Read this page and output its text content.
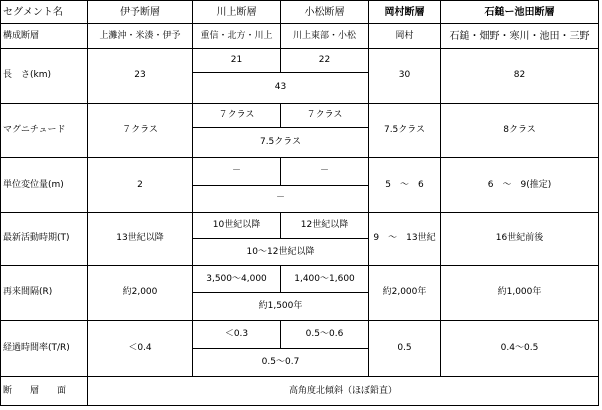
セグメント名	伊予断層	川上断層	小松断層	岡村断層	石鎚ー池田断層
構成断層	上灘沖・米湊・伊予	重信・北方・川上	川上東部・小松	岡村	石鎚・畑野・寒川・池田・三野
長　さ(km)	23	21	22	30	82
		43			
マグニチュード	７クラス	７クラス	７クラス	7.5クラス	8クラス
		7.5クラス			
単位変位量(m)	2	－	－	5　～　6	6　～　9(推定)
		－			
最新活動時期(T)	13世紀以降	10世紀以降	12世紀以降	9　～　13世紀	16世紀前後
		10～12世紀以降			
再来間隔(R)	約2,000	3,500～4,000	1,400～1,600	約2,000年	約1,000年
		約1,500年			
経過時間率(T/R)	＜0.4	＜0.3	0.5～0.6	0.5	0.4～0.5
		0.5～0.7			
断　　層　　面	高角度北傾斜（ほぼ鉛直）				
